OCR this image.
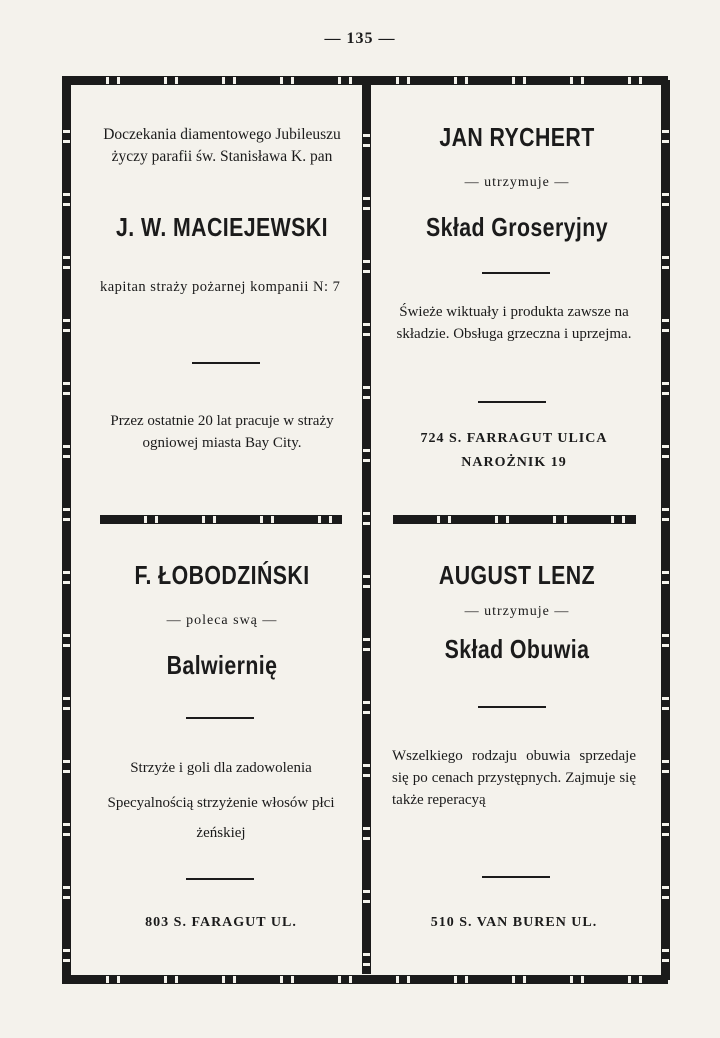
— 135 —
Doczekania diamentowego Jubileuszu życzy parafii św. Stanisława K. pan
J. W. MACIEJEWSKI
kapitan straży pożarnej kompanii N: 7
Przez ostatnie 20 lat pracuje w straży ogniowej miasta Bay City.
JAN RYCHERT
— utrzymuje —
Skład Groseryjny
Świeże wiktuały i produkta zawsze na składzie. Obsługa grzeczna i uprzejma.
724 S. FARRAGUT ULICA
NAROŻNIK 19
F. ŁOBODZIŃSKI
— poleca swą —
Balwiernię
Strzyże i goli dla zadowolenia
Specyalnością strzyżenie włosów płci żeńskiej
803 S. FARAGUT UL.
AUGUST LENZ
— utrzymuje —
Skład Obuwia
Wszelkiego rodzaju obuwia sprzedaje się po cenach przystępnych. Zajmuje się także reperacyą
510 S. VAN BUREN UL.
